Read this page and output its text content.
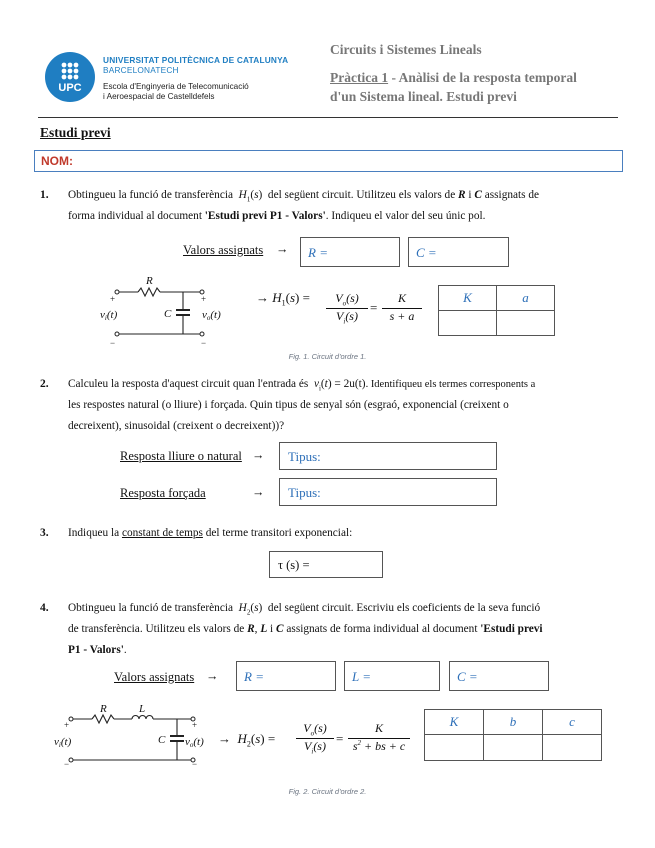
UPC
UNIVERSITAT POLITÈCNICA DE CATALUNYA
BARCELONATECH
Escola d'Enginyeria de Telecomunicació
i Aeroespacial de Castelldefels
Circuits i Sistemes Lineals
Pràctica 1 - Anàlisi de la resposta temporal
d'un Sistema lineal. Estudi previ
Estudi previ
NOM:
1. Obtingueu la funció de transferència $H_1(s)$  del següent circuit. Utilitzeu els valors de R i C assignats de
forma individual al document 'Estudi previ P1 - Valors'. Indiqueu el valor del seu únic pol.
Valors assignats → R =	C =
R
C
vi(t)	vo(t)
+
−
+
−
→ $H_1(s)$ =	$V_o(s)$
$V_i(s)$
=
K
s + a
K	a

Fig. 1. Circuit d'ordre 1.
2. Calculeu la resposta d'aquest circuit quan l'entrada és $v_i(t) = 2u(t)$. Identifiqueu els termes corresponents a
les respostes natural (o lliure) i forçada. Quin tipus de senyal són (esgraó, exponencial (creixent o
decreixent), sinusoidal (creixent o decreixent))?
Resposta lliure o natural → Tipus:
Resposta forçada	→ Tipus:
3. Indiqueu la constant de temps del terme transitori exponencial:
τ (s) =
4. Obtingueu la funció de transferència $H_2(s)$  del següent circuit. Escriviu els coeficients de la seva funció
de transferència. Utilitzeu els valors de R, L i C assignats de forma individual al document 'Estudi previ
P1 - Valors'.
Valors assignats → R =	L =	C =
R	L
C
vi(t)	vo(t)
+
−
+
−
→  $H_2(s)$ =
$V_o(s)$
$V_i(s)$ =
K
$s^2$ + bs + c
K	b	c

Fig. 2. Circuit d'ordre 2.
